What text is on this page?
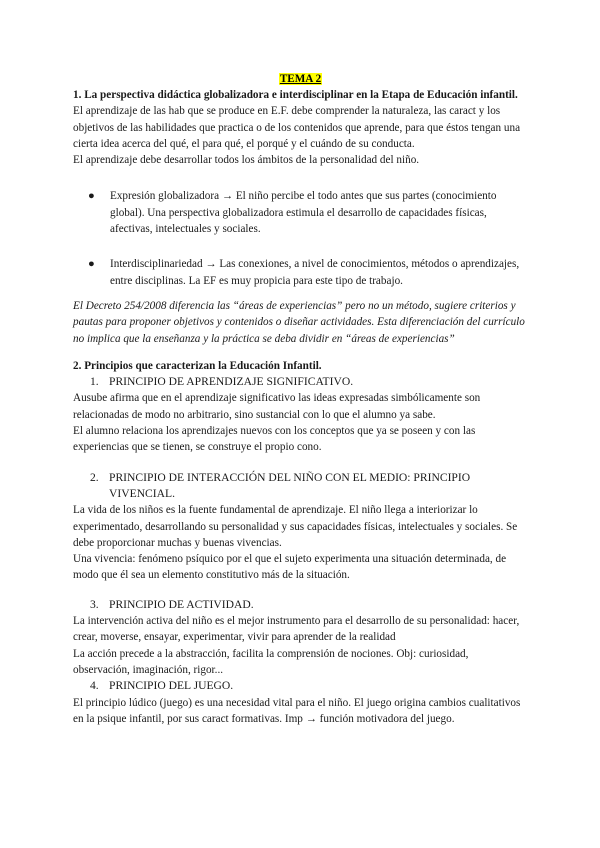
TEMA 2

1. La perspectiva didáctica globalizadora e interdisciplinar en la Etapa de Educación infantil.

El aprendizaje de las hab que se produce en E.F. debe comprender la naturaleza, las caract y los objetivos de las habilidades que practica o de los contenidos que aprende, para que éstos tengan una cierta idea acerca del qué, el para qué, el porqué y el cuándo de su conducta.

El aprendizaje debe desarrollar todos los ámbitos de la personalidad del niño.

● Expresión globalizadora → El niño percibe el todo antes que sus partes (conocimiento global). Una perspectiva globalizadora estimula el desarrollo de capacidades físicas, afectivas, intelectuales y sociales.
● Interdisciplinariedad → Las conexiones, a nivel de conocimientos, métodos o aprendizajes, entre disciplinas. La EF es muy propicia para este tipo de trabajo.

El Decreto 254/2008 diferencia las “áreas de experiencias” pero no un método, sugiere criterios y pautas para proponer objetivos y contenidos o diseñar actividades. Esta diferenciación del currículo no implica que la enseñanza y la práctica se deba dividir en “áreas de experiencias”

2. Principios que caracterizan la Educación Infantil.

1. PRINCIPIO DE APRENDIZAJE SIGNIFICATIVO.

Ausube afirma que en el aprendizaje significativo las ideas expresadas simbólicamente son relacionadas de modo no arbitrario, sino sustancial con lo que el alumno ya sabe.

El alumno relaciona los aprendizajes nuevos con los conceptos que ya se poseen y con las experiencias que se tienen, se construye el propio cono.

2. PRINCIPIO DE INTERACCIÓN DEL NIÑO CON EL MEDIO: PRINCIPIO VIVENCIAL.

La vida de los niños es la fuente fundamental de aprendizaje. El niño llega a interiorizar lo experimentado, desarrollando su personalidad y sus capacidades físicas, intelectuales y sociales. Se debe proporcionar muchas y buenas vivencias.

Una vivencia: fenómeno psíquico por el que el sujeto experimenta una situación determinada, de modo que él sea un elemento constitutivo más de la situación.

3. PRINCIPIO DE ACTIVIDAD.

La intervención activa del niño es el mejor instrumento para el desarrollo de su personalidad: hacer, crear, moverse, ensayar, experimentar, vivir para aprender de la realidad

La acción precede a la abstracción, facilita la comprensión de nociones. Obj: curiosidad, observación, imaginación, rigor...

4. PRINCIPIO DEL JUEGO.

El principio lúdico (juego) es una necesidad vital para el niño. El juego origina cambios cualitativos en la psique infantil, por sus caract formativas. Imp → función motivadora del juego.
